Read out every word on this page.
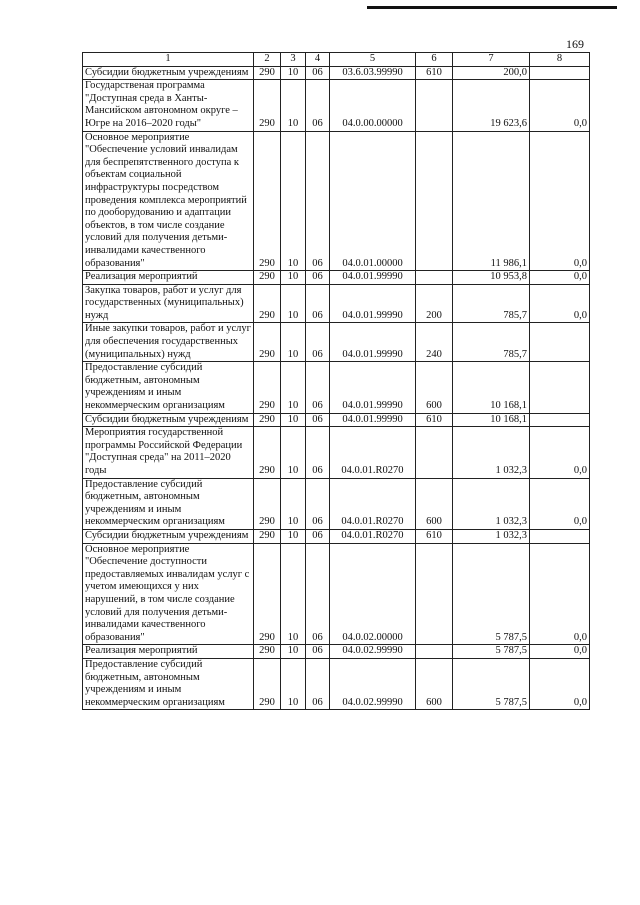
169
1	2	3	4	5	6	7	8
Субсидии бюджетным учреждениям	290	10	06	03.6.03.99990	610	200,0	
Государственая программа "Доступная среда в Ханты-Мансийском автономном округе – Югре на 2016–2020 годы"	290	10	06	04.0.00.00000		19 623,6	0,0
Основное мероприятие "Обеспечение условий инвалидам для беспрепятственного доступа к объектам социальной инфраструктуры посредством проведения комплекса мероприятий по дооборудованию и адаптации объектов, в том числе создание условий для получения детьми-инвалидами качественного образования"	290	10	06	04.0.01.00000		11 986,1	0,0
Реализация мероприятий	290	10	06	04.0.01.99990		10 953,8	0,0
Закупка товаров, работ и услуг для государственных (муниципальных) нужд	290	10	06	04.0.01.99990	200	785,7	0,0
Иные закупки товаров, работ и услуг для обеспечения государственных (муниципальных) нужд	290	10	06	04.0.01.99990	240	785,7	
Предоставление субсидий бюджетным, автономным учреждениям и иным некоммерческим организациям	290	10	06	04.0.01.99990	600	10 168,1	
Субсидии бюджетным учреждениям	290	10	06	04.0.01.99990	610	10 168,1	
Мероприятия государственной программы Российской Федерации "Доступная среда" на 2011–2020 годы	290	10	06	04.0.01.R0270		1 032,3	0,0
Предоставление субсидий бюджетным, автономным учреждениям и иным некоммерческим организациям	290	10	06	04.0.01.R0270	600	1 032,3	0,0
Субсидии бюджетным учреждениям	290	10	06	04.0.01.R0270	610	1 032,3	
Основное мероприятие "Обеспечение доступности предоставляемых инвалидам услуг с учетом имеющихся у них нарушений, в том числе создание условий для получения детьми-инвалидами качественного образования"	290	10	06	04.0.02.00000		5 787,5	0,0
Реализация мероприятий	290	10	06	04.0.02.99990		5 787,5	0,0
Предоставление субсидий бюджетным, автономным учреждениям и иным некоммерческим организациям	290	10	06	04.0.02.99990	600	5 787,5	0,0
